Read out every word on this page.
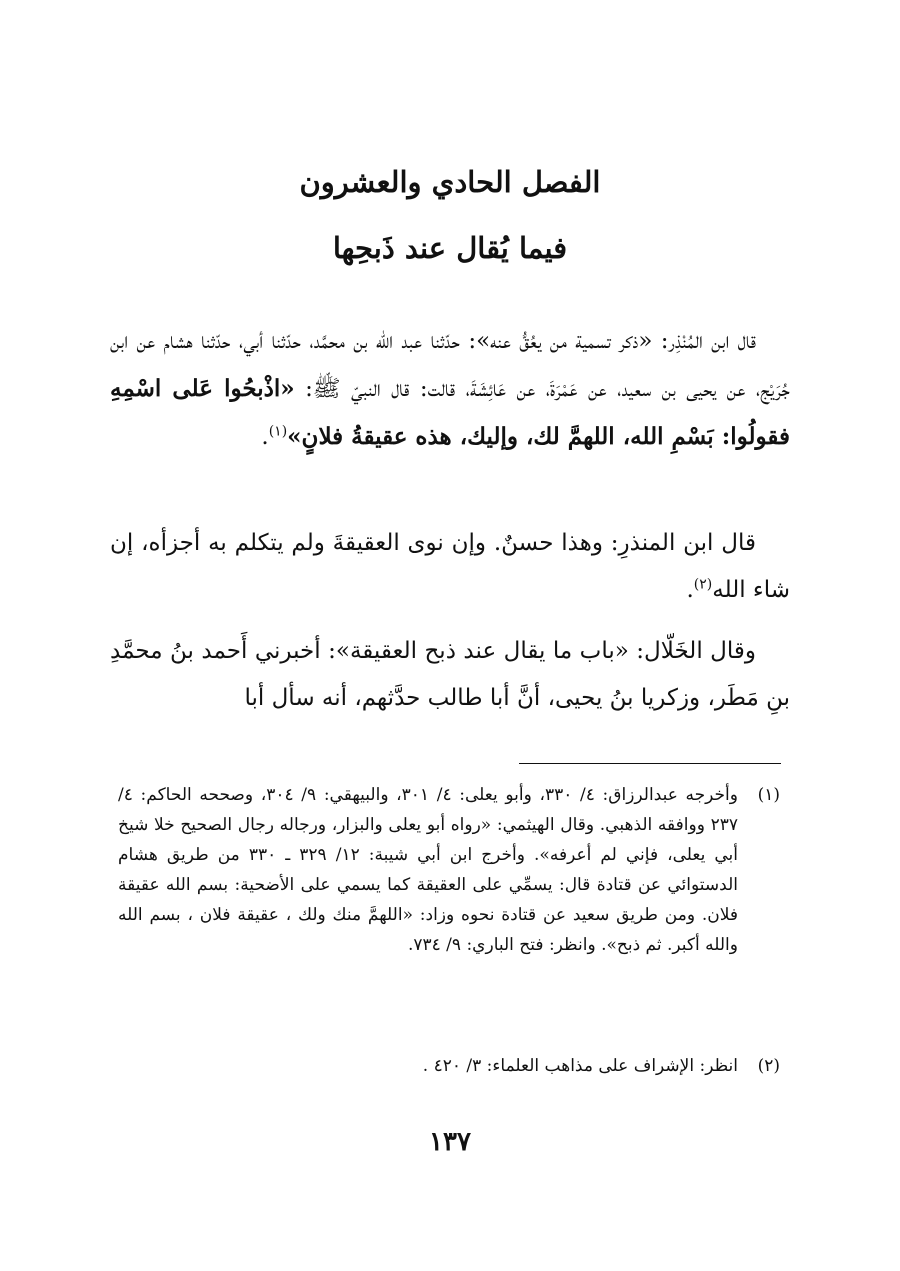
الفصل الحادي والعشرون
فيما يُقال عند ذَبحِها
قال ابن المُنْذِر: «ذكر تسمية من يعُقُّ عنه»: حدّثنا عبد الله بن محمَّد، حدّثنا أبي، حدّثنا هشام عن ابن جُرَيْج، عن يحيى بن سعيد، عن عَمْرَةَ، عن عَائِشَةَ، قالت: قال النبيّ ﷺ: «اذْبحُوا عَلى اسْمِهِ فقولُوا: بَسْمِ الله، اللهمَّ لك، وإليك، هذه عقيقةُ فلانٍ»$^{(١)}$.
قال ابن المنذرِ: وهذا حسنٌ. وإن نوى العقيقةَ ولم يتكلم به أجزأه، إن شاء الله$^{(٢)}$.
وقال الخَلّال: «باب ما يقال عند ذبح العقيقة»: أخبرني أَحمد بنُ محمَّدِ بنِ مَطَر، وزكريا بنُ يحيى، أنَّ أبا طالب حدَّثهم، أنه سأل أبا
(١)
وأخرجه عبدالرزاق: ٤/ ٣٣٠، وأبو يعلى: ٤/ ٣٠١، والبيهقي: ٩/ ٣٠٤، وصححه الحاكم: ٤/ ٢٣٧ ووافقه الذهبي. وقال الهيثمي: «رواه أبو يعلى والبزار، ورجاله رجال الصحيح خلا شيخ أبي يعلى، فإني لم أعرفه». وأخرج ابن أبي شيبة: ١٢/ ٣٢٩ ـ ٣٣٠ من طريق هشام الدستوائي عن قتادة قال: يسمِّي على العقيقة كما يسمي على الأضحية: بسم الله عقيقة فلان. ومن طريق سعيد عن قتادة نحوه وزاد: «اللهمَّ منك ولك ، عقيقة فلان ، بسم الله والله أكبر. ثم ذبح». وانظر: فتح الباري: ٩/ ٧٣٤.
(٢)
انظر: الإشراف على مذاهب العلماء: ٣/ ٤٢٠ .
١٣٧
